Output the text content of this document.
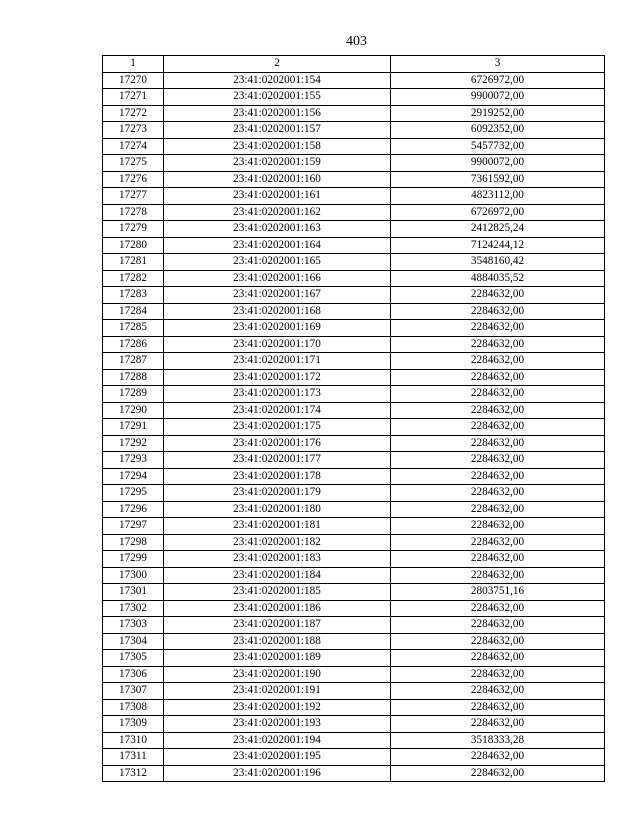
403
1	2	3
17270	23:41:0202001:154	6726972,00
17271	23:41:0202001:155	9900072,00
17272	23:41:0202001:156	2919252,00
17273	23:41:0202001:157	6092352,00
17274	23:41:0202001:158	5457732,00
17275	23:41:0202001:159	9900072,00
17276	23:41:0202001:160	7361592,00
17277	23:41:0202001:161	4823112,00
17278	23:41:0202001:162	6726972,00
17279	23:41:0202001:163	2412825,24
17280	23:41:0202001:164	7124244,12
17281	23:41:0202001:165	3548160,42
17282	23:41:0202001:166	4884035,52
17283	23:41:0202001:167	2284632,00
17284	23:41:0202001:168	2284632,00
17285	23:41:0202001:169	2284632,00
17286	23:41:0202001:170	2284632,00
17287	23:41:0202001:171	2284632,00
17288	23:41:0202001:172	2284632,00
17289	23:41:0202001:173	2284632,00
17290	23:41:0202001:174	2284632,00
17291	23:41:0202001:175	2284632,00
17292	23:41:0202001:176	2284632,00
17293	23:41:0202001:177	2284632,00
17294	23:41:0202001:178	2284632,00
17295	23:41:0202001:179	2284632,00
17296	23:41:0202001:180	2284632,00
17297	23:41:0202001:181	2284632,00
17298	23:41:0202001:182	2284632,00
17299	23:41:0202001:183	2284632,00
17300	23:41:0202001:184	2284632,00
17301	23:41:0202001:185	2803751,16
17302	23:41:0202001:186	2284632,00
17303	23:41:0202001:187	2284632,00
17304	23:41:0202001:188	2284632,00
17305	23:41:0202001:189	2284632,00
17306	23:41:0202001:190	2284632,00
17307	23:41:0202001:191	2284632,00
17308	23:41:0202001:192	2284632,00
17309	23:41:0202001:193	2284632,00
17310	23:41:0202001:194	3518333,28
17311	23:41:0202001:195	2284632,00
17312	23:41:0202001:196	2284632,00
